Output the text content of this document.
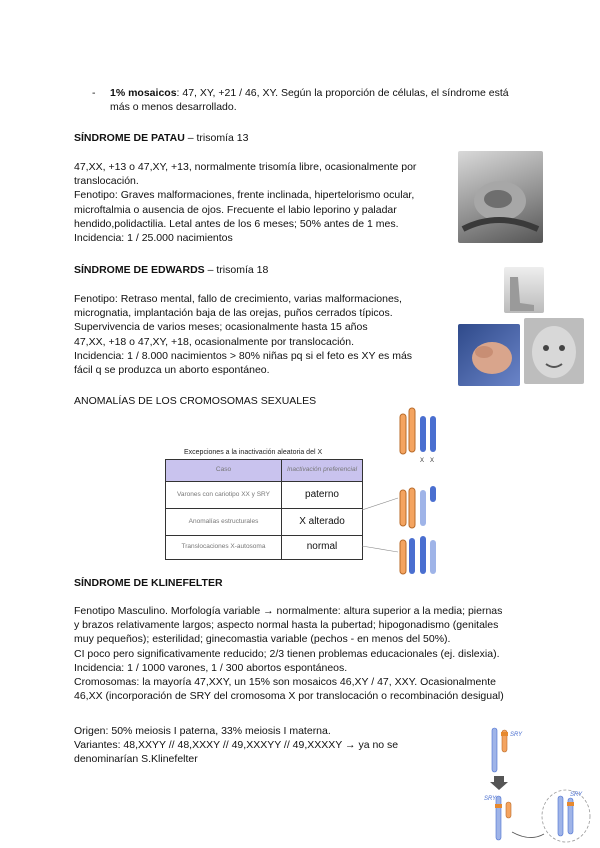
- 1% mosaicos: 47, XY, +21 / 46, XY. Según la proporción de células, el síndrome está

más o menos desarrollado.

SÍNDROME DE PATAU – trisomía 13

47,XX, +13 o 47,XY, +13, normalmente trisomía libre, ocasionalmente por

translocación.

Fenotipo: Graves malformaciones, frente inclinada, hipertelorismo ocular,

microftalmia o ausencia de ojos. Frecuente el labio leporino y paladar

hendido,polidactilia. Letal antes de los 6 meses; 50% antes de 1 mes.

Incidencia: 1 / 25.000 nacimientos

SÍNDROME DE EDWARDS – trisomía 18

Fenotipo: Retraso mental, fallo de crecimiento, varias malformaciones,

micrognatia, implantación baja de las orejas, puños cerrados típicos.

Supervivencia de varios meses; ocasionalmente hasta 15 años

47,XX, +18 o 47,XY, +18, ocasionalmente por translocación.

Incidencia: 1 / 8.000 nacimientos > 80% niñas pq si el feto es XY es más

fácil q se produzca un aborto espontáneo.

ANOMALÍAS DE LOS CROMOSOMAS SEXUALES
Excepciones a la inactivación aleatoria del X
Caso	Inactivación preferencial
Varones con cariotipo XX y SRY	paterno
Anomalías estructurales	X alterado
Translocaciones X-autosoma	normal
X X
SÍNDROME DE KLINEFELTER

Fenotipo Masculino. Morfología variable → normalmente: altura superior a la media; piernas

y brazos relativamente largos; aspecto normal hasta la pubertad; hipogonadismo (genitales

muy pequeños); esterilidad; ginecomastia variable (pechos - en menos del 50%).

CI poco pero significativamente reducido; 2/3 tienen problemas educacionales (ej. dislexia).

Incidencia: 1 / 1000 varones, 1 / 300 abortos espontáneos.

Cromosomas: la mayoría 47,XXY, un 15% son mosaicos 46,XY / 47, XXY. Ocasionalmente

46,XX (incorporación de SRY del cromosoma X por translocación o recombinación desigual)

Origen: 50% meiosis I paterna, 33% meiosis I materna.

Variantes: 48,XXYY // 48,XXXY // 49,XXXYY // 49,XXXXY → ya no se

denominarían S.Klinefelter

SRY
SRY
SRY
